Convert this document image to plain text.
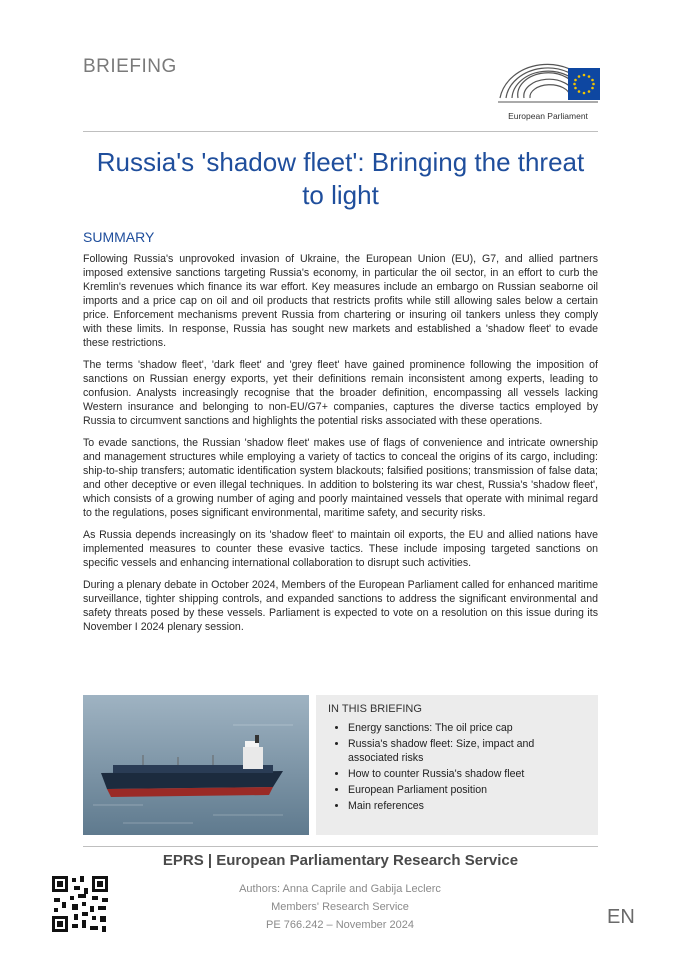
BRIEFING
European Parliament
Russia's 'shadow fleet': Bringing the threat to light
SUMMARY

Following Russia's unprovoked invasion of Ukraine, the European Union (EU), G7, and allied partners imposed extensive sanctions targeting Russia's economy, in particular the oil sector, in an effort to curb the Kremlin's revenues which finance its war effort. Key measures include an embargo on Russian seaborne oil imports and a price cap on oil and oil products that restricts profits while still allowing sales below a certain price. Enforcement mechanisms prevent Russia from chartering or insuring oil tankers unless they comply with these limits. In response, Russia has sought new markets and established a 'shadow fleet' to evade these restrictions.

The terms 'shadow fleet', 'dark fleet' and 'grey fleet' have gained prominence following the imposition of sanctions on Russian energy exports, yet their definitions remain inconsistent among experts, leading to confusion. Analysts increasingly recognise that the broader definition, encompassing all vessels lacking Western insurance and belonging to non-EU/G7+ companies, captures the diverse tactics employed by Russia to circumvent sanctions and highlights the potential risks associated with these operations.

To evade sanctions, the Russian 'shadow fleet' makes use of flags of convenience and intricate ownership and management structures while employing a variety of tactics to conceal the origins of its cargo, including: ship-to-ship transfers; automatic identification system blackouts; falsified positions; transmission of false data; and other deceptive or even illegal techniques. In addition to bolstering its war chest, Russia's 'shadow fleet', which consists of a growing number of aging and poorly maintained vessels that operate with minimal regard to the regulations, poses significant environmental, maritime safety, and security risks.

As Russia depends increasingly on its 'shadow fleet' to maintain oil exports, the EU and allied nations have implemented measures to counter these evasive tactics. These include imposing targeted sanctions on specific vessels and enhancing international collaboration to disrupt such activities.

During a plenary debate in October 2024, Members of the European Parliament called for enhanced maritime surveillance, tighter shipping controls, and expanded sanctions to address the significant environmental and safety threats posed by these vessels. Parliament is expected to vote on a resolution on this issue during its November I 2024 plenary session.

IN THIS BRIEFING
• Energy sanctions: The oil price cap
• Russia's shadow fleet: Size, impact and associated risks
• How to counter Russia's shadow fleet
• European Parliament position
• Main references
EPRS | European Parliamentary Research Service
Authors: Anna Caprile and Gabija Leclerc
Members' Research Service
PE 766.242 – November 2024	EN
